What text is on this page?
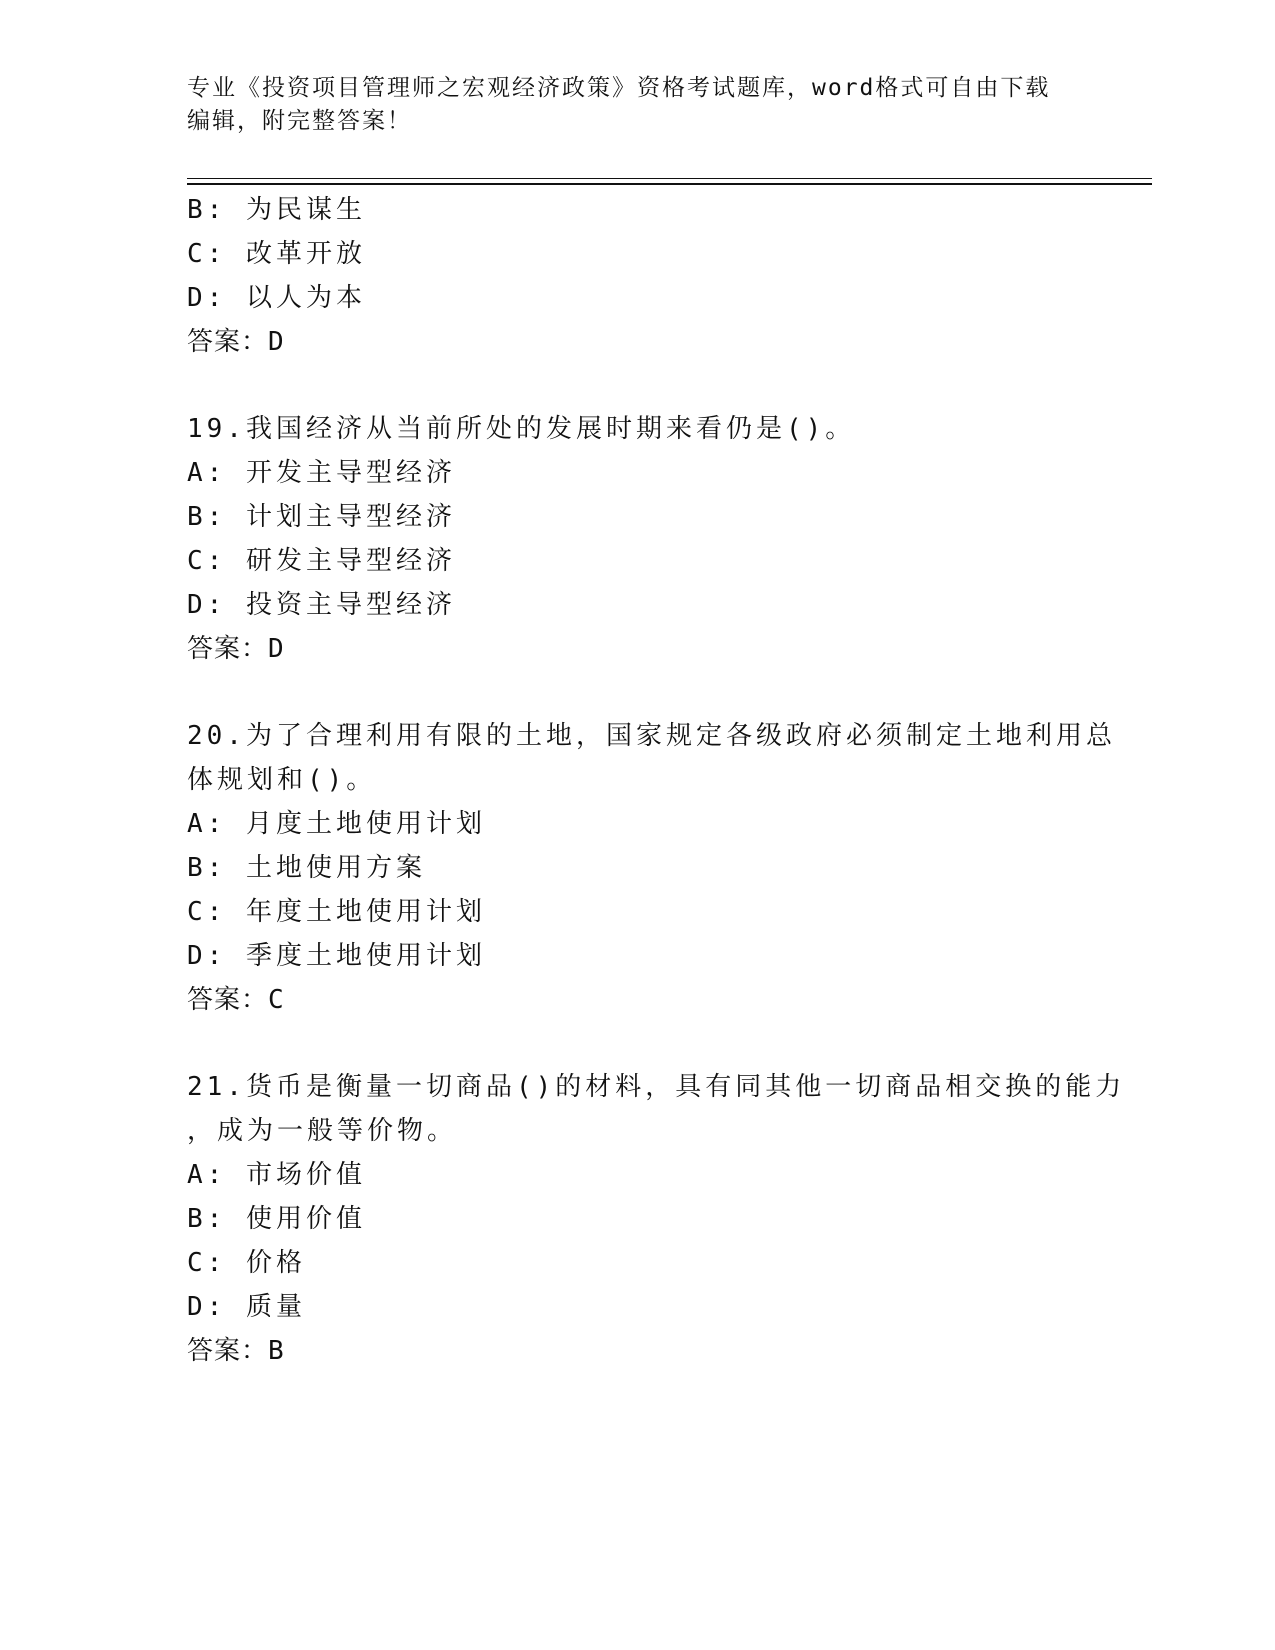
专业《投资项目管理师之宏观经济政策》资格考试题库，word格式可自由下载编辑，附完整答案！
B: 为民谋生
C: 改革开放
D: 以人为本
答案：D
19.我国经济从当前所处的发展时期来看仍是()。
A: 开发主导型经济
B: 计划主导型经济
C: 研发主导型经济
D: 投资主导型经济
答案：D
20.为了合理利用有限的土地，国家规定各级政府必须制定土地利用总
体规划和()。
A: 月度土地使用计划
B: 土地使用方案
C: 年度土地使用计划
D: 季度土地使用计划
答案：C
21.货币是衡量一切商品()的材料，具有同其他一切商品相交换的能力
，成为一般等价物。
A: 市场价值
B: 使用价值
C: 价格
D: 质量
答案：B
